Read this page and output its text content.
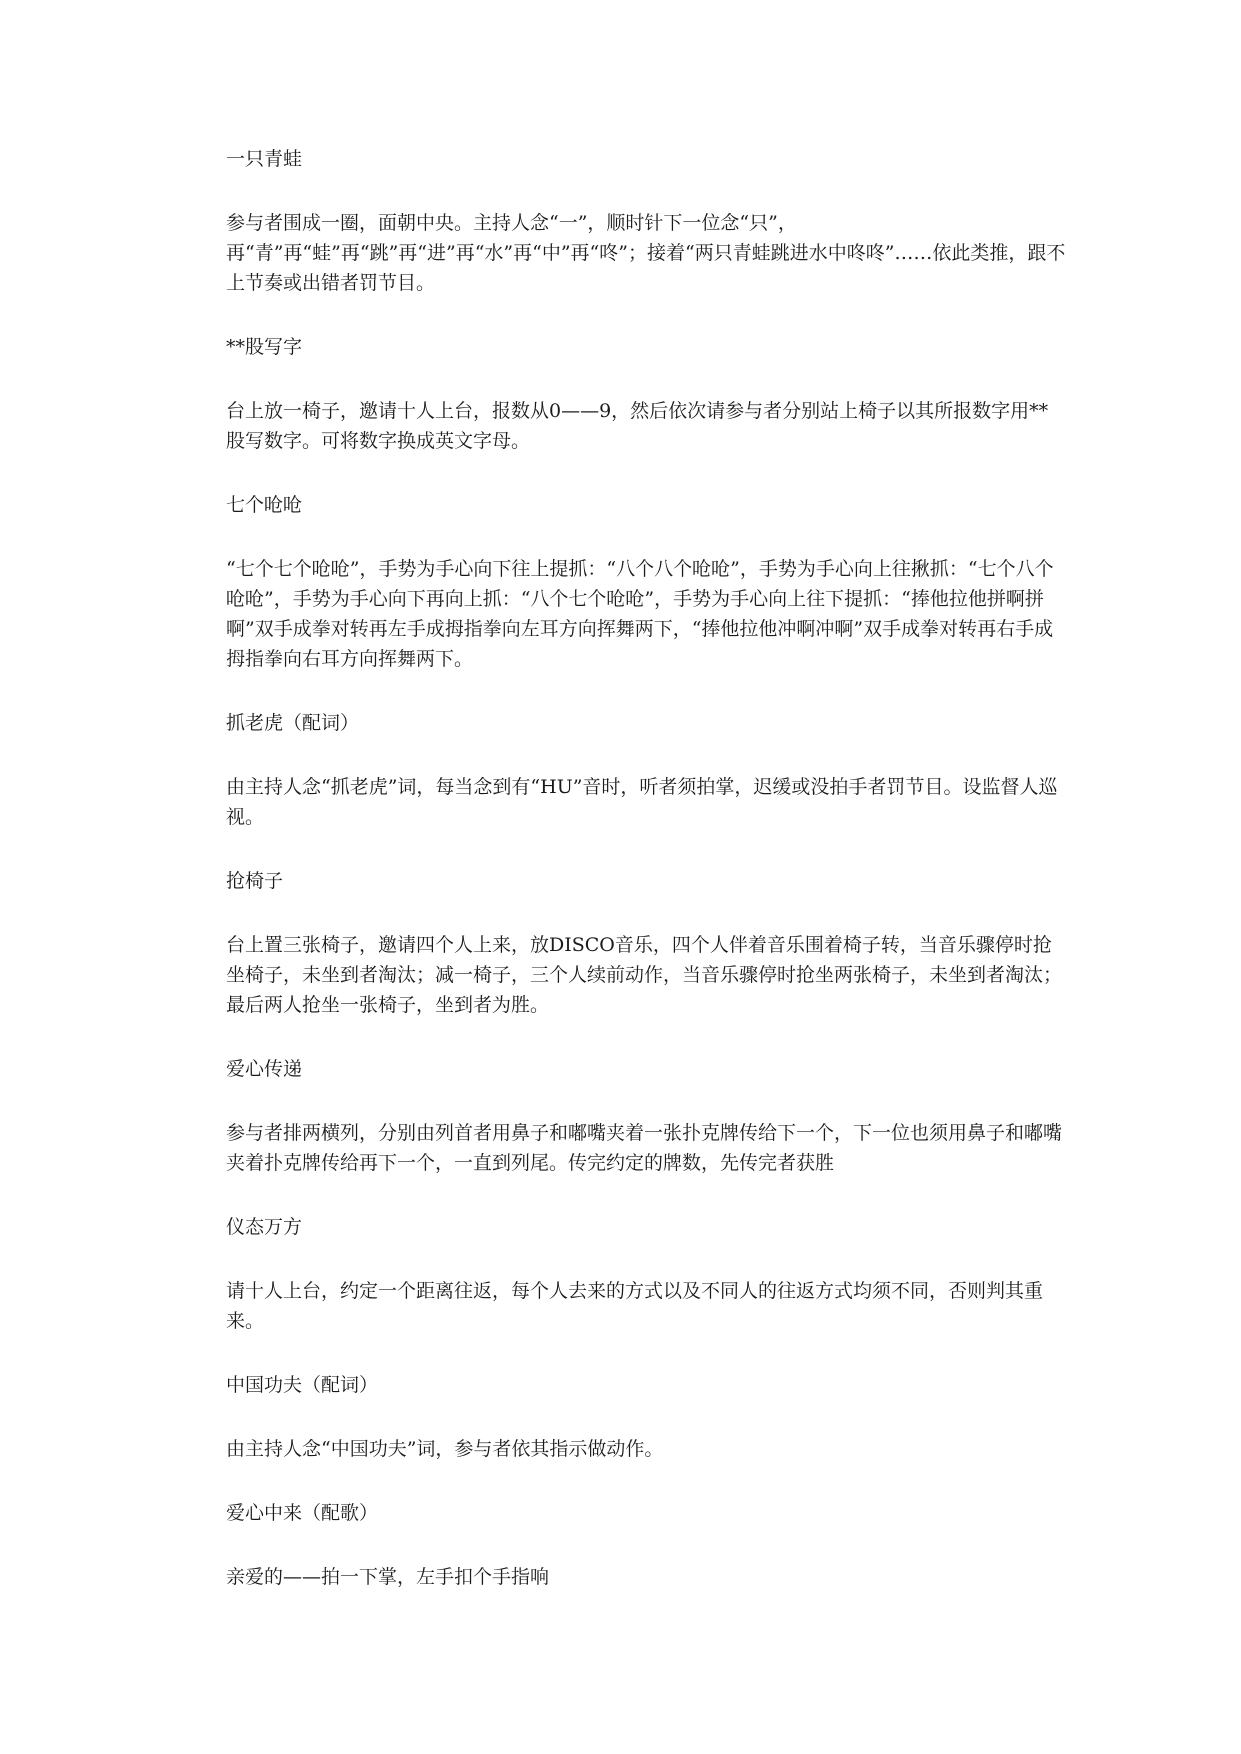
一只青蛙

参与者围成一圈，面朝中央。主持人念“一”，顺时针下一位念“只”，再“青”再“蛙”再“跳”再“进”再“水”再“中”再“咚”；接着“两只青蛙跳进水中咚咚”……依此类推，跟不上节奏或出错者罚节目。

**股写字

台上放一椅子，邀请十人上台，报数从0——9，然后依次请参与者分别站上椅子以其所报数字用**股写数字。可将数字换成英文字母。

七个呛呛

“七个七个呛呛”，手势为手心向下往上提抓：“八个八个呛呛”，手势为手心向上往揪抓：“七个八个呛呛”，手势为手心向下再向上抓：“八个七个呛呛”，手势为手心向上往下提抓：“捧他拉他拼啊拼啊”双手成拳对转再左手成拇指拳向左耳方向挥舞两下，“捧他拉他冲啊冲啊”双手成拳对转再右手成拇指拳向右耳方向挥舞两下。

抓老虎（配词）

由主持人念“抓老虎”词，每当念到有“HU”音时，听者须拍掌，迟缓或没拍手者罚节目。设监督人巡视。

抢椅子

台上置三张椅子，邀请四个人上来，放DISCO音乐，四个人伴着音乐围着椅子转，当音乐骤停时抢坐椅子，未坐到者淘汰；减一椅子，三个人续前动作，当音乐骤停时抢坐两张椅子，未坐到者淘汰；最后两人抢坐一张椅子，坐到者为胜。

爱心传递

参与者排两横列，分别由列首者用鼻子和嘟嘴夹着一张扑克牌传给下一个，下一位也须用鼻子和嘟嘴夹着扑克牌传给再下一个，一直到列尾。传完约定的牌数，先传完者获胜

仪态万方

请十人上台，约定一个距离往返，每个人去来的方式以及不同人的往返方式均须不同，否则判其重来。

中国功夫（配词）

由主持人念“中国功夫”词，参与者依其指示做动作。

爱心中来（配歌）

亲爱的——拍一下掌，左手扣个手指响
